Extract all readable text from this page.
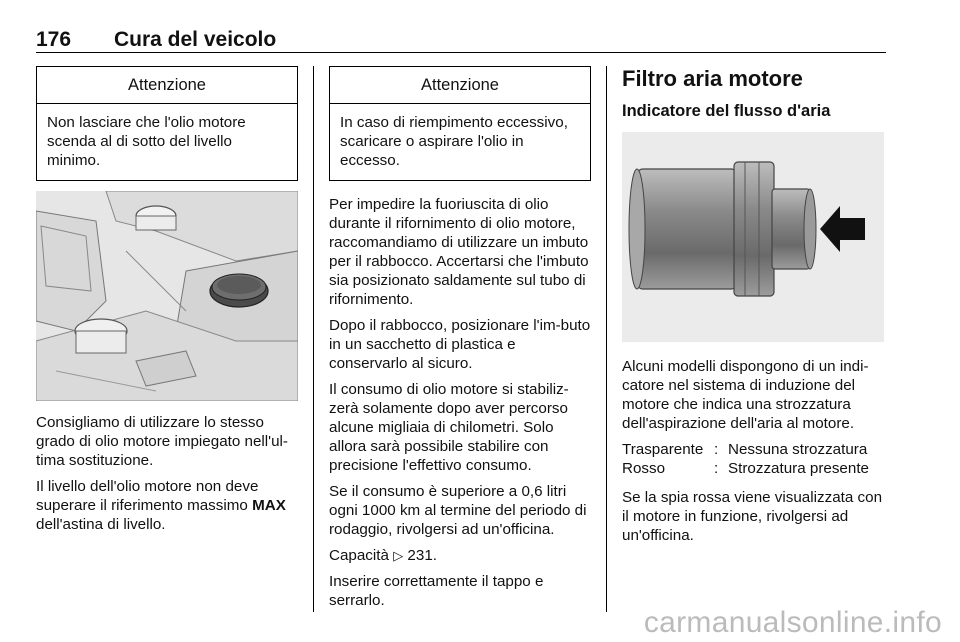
176 Cura del veicolo
Attenzione
Non lasciare che l'olio motore scenda al di sotto del livello minimo.

Consigliamo di utilizzare lo stesso grado di olio motore impiegato nell'ul-tima sostituzione.

Il livello dell'olio motore non deve superare il riferimento massimo MAX dell'astina di livello.

Attenzione
In caso di riempimento eccessivo, scaricare o aspirare l'olio in eccesso.

Per impedire la fuoriuscita di olio durante il rifornimento di olio motore, raccomandiamo di utilizzare un imbuto per il rabbocco. Accertarsi che l'imbuto sia posizionato saldamente sul tubo di rifornimento.

Dopo il rabbocco, posizionare l'im-buto in un sacchetto di plastica e conservarlo al sicuro.

Il consumo di olio motore si stabiliz-zerà solamente dopo aver percorso alcune migliaia di chilometri. Solo allora sarà possibile stabilire con precisione l'effettivo consumo.

Se il consumo è superiore a 0,6 litri ogni 1000 km al termine del periodo di rodaggio, rivolgersi ad un'officina.

Capacità ▷ 231.

Inserire correttamente il tappo e serrarlo.

Filtro aria motore
Indicatore del flusso d'aria

Alcuni modelli dispongono di un indi-catore nel sistema di induzione del motore che indica una strozzatura dell'aspirazione dell'aria al motore.

Trasparente : Nessuna strozzatura
Rosso	: Strozzatura presente

Se la spia rossa viene visualizzata con il motore in funzione, rivolgersi ad un'officina.

carmanualsonline.info
